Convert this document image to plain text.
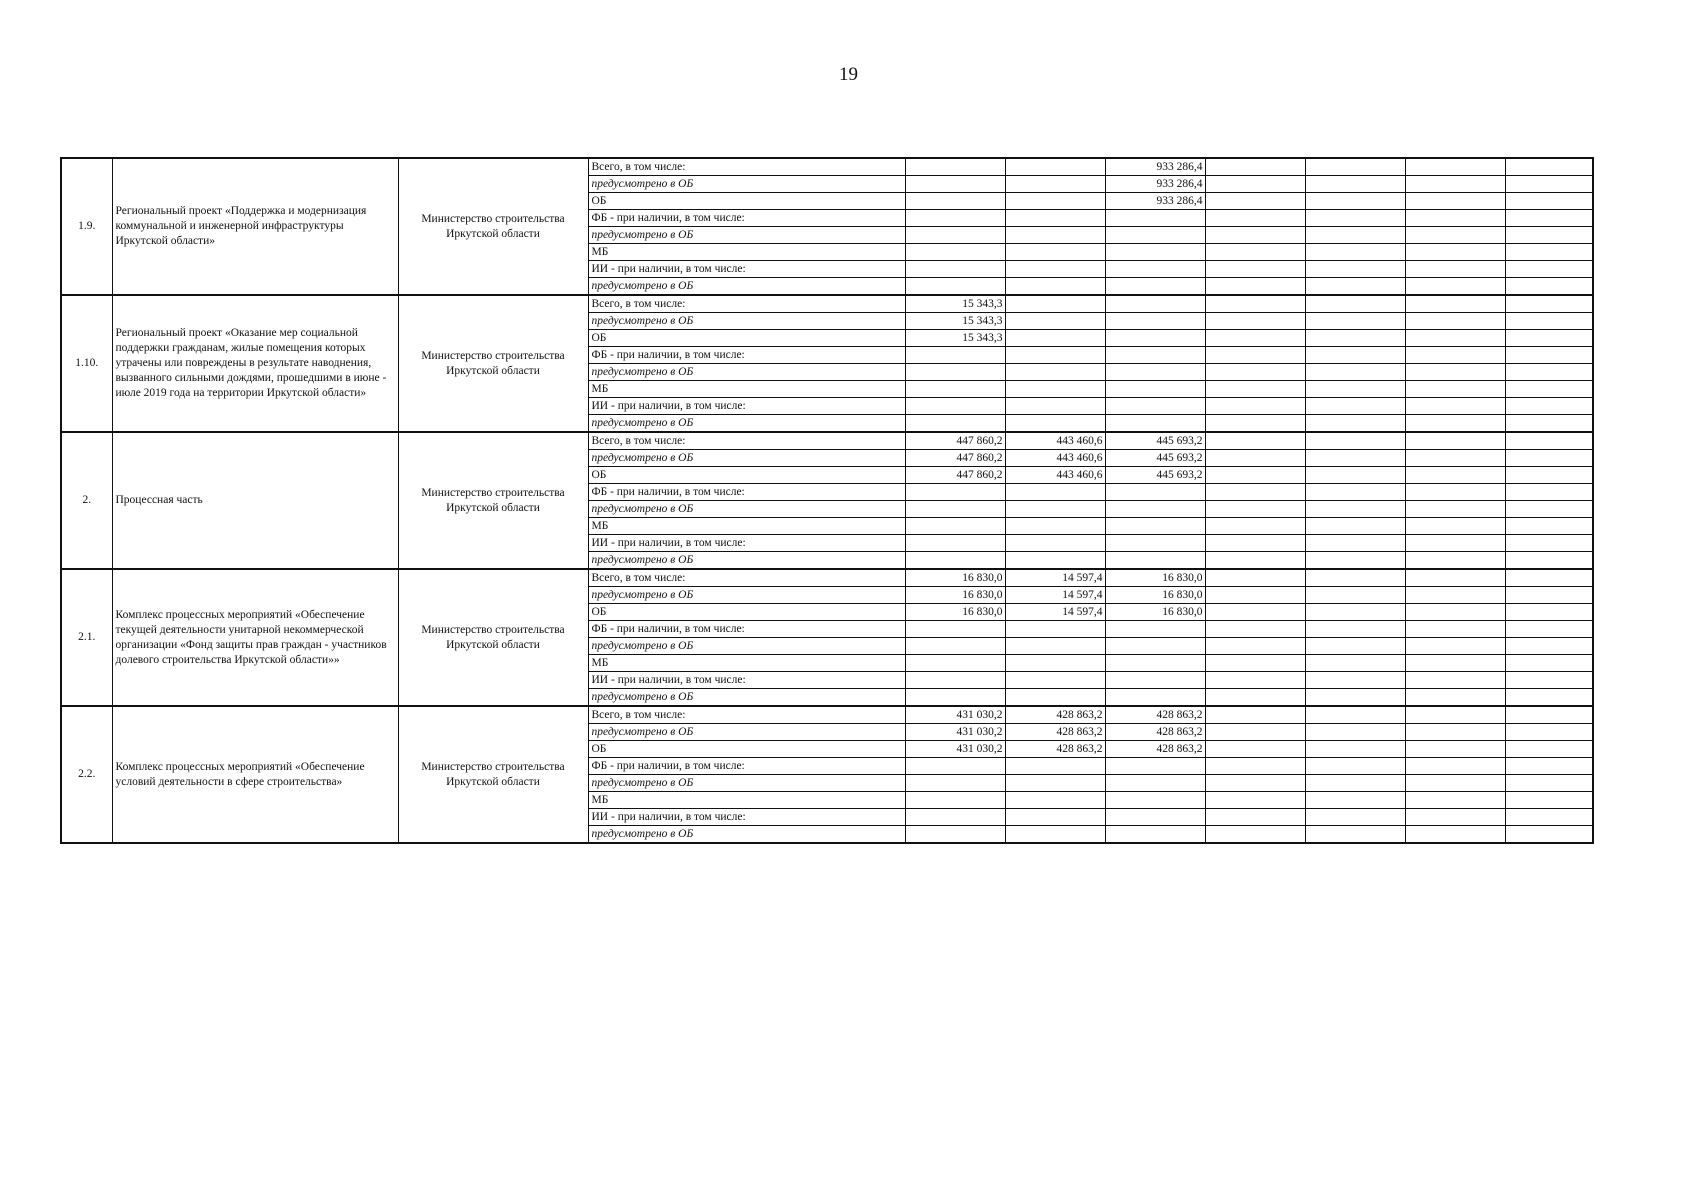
19
1.9.	Региональный проект «Поддержка и модернизация коммунальной и инженерной инфраструктуры Иркутской области»	Министерство строительства Иркутской области	Всего, в том числе:			933 286,4				
			предусмотрено в ОБ			933 286,4				
			ОБ			933 286,4				
			ФБ - при наличии, в том числе:							
			предусмотрено в ОБ							
			МБ							
			ИИ - при наличии, в том числе:							
			предусмотрено в ОБ							
1.10.	Региональный проект «Оказание мер социальной поддержки гражданам, жилые помещения которых утрачены или повреждены в результате наводнения, вызванного сильными дождями, прошедшими в июне - июле 2019 года на территории Иркутской области»	Министерство строительства Иркутской области	Всего, в том числе:	15 343,3						
			предусмотрено в ОБ	15 343,3						
			ОБ	15 343,3						
			ФБ - при наличии, в том числе:							
			предусмотрено в ОБ							
			МБ							
			ИИ - при наличии, в том числе:							
			предусмотрено в ОБ							
2.	Процессная часть	Министерство строительства Иркутской области	Всего, в том числе:	447 860,2	443 460,6	445 693,2				
			предусмотрено в ОБ	447 860,2	443 460,6	445 693,2				
			ОБ	447 860,2	443 460,6	445 693,2				
			ФБ - при наличии, в том числе:							
			предусмотрено в ОБ							
			МБ							
			ИИ - при наличии, в том числе:							
			предусмотрено в ОБ							
2.1.	Комплекс процессных мероприятий «Обеспечение текущей деятельности унитарной некоммерческой организации «Фонд защиты прав граждан - участников долевого строительства Иркутской области»»	Министерство строительства Иркутской области	Всего, в том числе:	16 830,0	14 597,4	16 830,0				
			предусмотрено в ОБ	16 830,0	14 597,4	16 830,0				
			ОБ	16 830,0	14 597,4	16 830,0				
			ФБ - при наличии, в том числе:							
			предусмотрено в ОБ							
			МБ							
			ИИ - при наличии, в том числе:							
			предусмотрено в ОБ							
2.2.	Комплекс процессных мероприятий «Обеспечение условий деятельности в сфере строительства»	Министерство строительства Иркутской области	Всего, в том числе:	431 030,2	428 863,2	428 863,2				
			предусмотрено в ОБ	431 030,2	428 863,2	428 863,2				
			ОБ	431 030,2	428 863,2	428 863,2				
			ФБ - при наличии, в том числе:							
			предусмотрено в ОБ							
			МБ							
			ИИ - при наличии, в том числе:							
			предусмотрено в ОБ							
